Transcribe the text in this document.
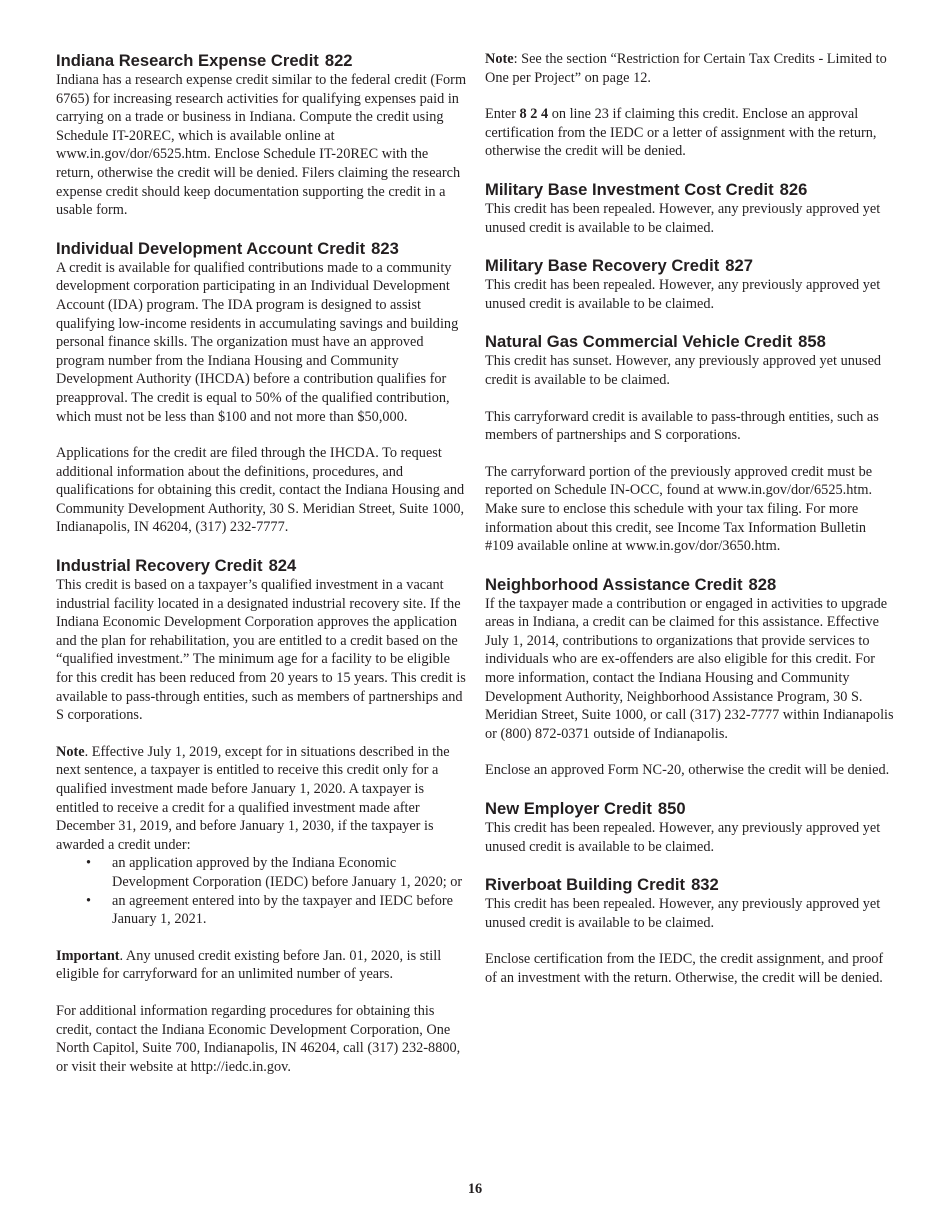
Indiana Research Expense Credit 822

Indiana has a research expense credit similar to the federal credit (Form 6765) for increasing research activities for qualifying expenses paid in carrying on a trade or business in Indiana. Compute the credit using Schedule IT-20REC, which is available online at www.in.gov/dor/6525.htm. Enclose Schedule IT-20REC with the return, otherwise the credit will be denied. Filers claiming the research expense credit should keep documentation supporting the credit in a usable form.

Individual Development Account Credit 823

A credit is available for qualified contributions made to a community development corporation participating in an Individual Development Account (IDA) program. The IDA program is designed to assist qualifying low-income residents in accumulating savings and building personal finance skills. The organization must have an approved program number from the Indiana Housing and Community Development Authority (IHCDA) before a contribution qualifies for preapproval. The credit is equal to 50% of the qualified contribution, which must not be less than $100 and not more than $50,000.

Applications for the credit are filed through the IHCDA. To request additional information about the definitions, procedures, and qualifications for obtaining this credit, contact the Indiana Housing and Community Development Authority, 30 S. Meridian Street, Suite 1000, Indianapolis, IN 46204, (317) 232-7777.

Industrial Recovery Credit 824

This credit is based on a taxpayer’s qualified investment in a vacant industrial facility located in a designated industrial recovery site. If the Indiana Economic Development Corporation approves the application and the plan for rehabilitation, you are entitled to a credit based on the “qualified investment.” The minimum age for a facility to be eligible for this credit has been reduced from 20 years to 15 years. This credit is available to pass-through entities, such as members of partnerships and S corporations.

Note. Effective July 1, 2019, except for in situations described in the next sentence, a taxpayer is entitled to receive this credit only for a qualified investment made before January 1, 2020. A taxpayer is entitled to receive a credit for a qualified investment made after December 31, 2019, and before January 1, 2030, if the taxpayer is awarded a credit under:

• an application approved by the Indiana Economic Development Corporation (IEDC) before January 1, 2020; or
• an agreement entered into by the taxpayer and IEDC before January 1, 2021.

Important. Any unused credit existing before Jan. 01, 2020, is still eligible for carryforward for an unlimited number of years.

For additional information regarding procedures for obtaining this credit, contact the Indiana Economic Development Corporation, One North Capitol, Suite 700, Indianapolis, IN 46204, call (317) 232-8800, or visit their website at http://iedc.in.gov.

Note: See the section “Restriction for Certain Tax Credits - Limited to One per Project” on page 12.

Enter 8 2 4 on line 23 if claiming this credit. Enclose an approval certification from the IEDC or a letter of assignment with the return, otherwise the credit will be denied.

Military Base Investment Cost Credit 826

This credit has been repealed. However, any previously approved yet unused credit is available to be claimed.

Military Base Recovery Credit 827

This credit has been repealed. However, any previously approved yet unused credit is available to be claimed.

Natural Gas Commercial Vehicle Credit 858

This credit has sunset. However, any previously approved yet unused credit is available to be claimed.

This carryforward credit is available to pass-through entities, such as members of partnerships and S corporations.

The carryforward portion of the previously approved credit must be reported on Schedule IN-OCC, found at www.in.gov/dor/6525.htm. Make sure to enclose this schedule with your tax filing. For more information about this credit, see Income Tax Information Bulletin #109 available online at www.in.gov/dor/3650.htm.

Neighborhood Assistance Credit 828

If the taxpayer made a contribution or engaged in activities to upgrade areas in Indiana, a credit can be claimed for this assistance. Effective July 1, 2014, contributions to organizations that provide services to individuals who are ex-offenders are also eligible for this credit. For more information, contact the Indiana Housing and Community Development Authority, Neighborhood Assistance Program, 30 S. Meridian Street, Suite 1000, or call (317) 232-7777 within Indianapolis or (800) 872-0371 outside of Indianapolis.

Enclose an approved Form NC-20, otherwise the credit will be denied.

New Employer Credit 850

This credit has been repealed. However, any previously approved yet unused credit is available to be claimed.

Riverboat Building Credit 832

This credit has been repealed. However, any previously approved yet unused credit is available to be claimed.

Enclose certification from the IEDC, the credit assignment, and proof of an investment with the return. Otherwise, the credit will be denied.

16
